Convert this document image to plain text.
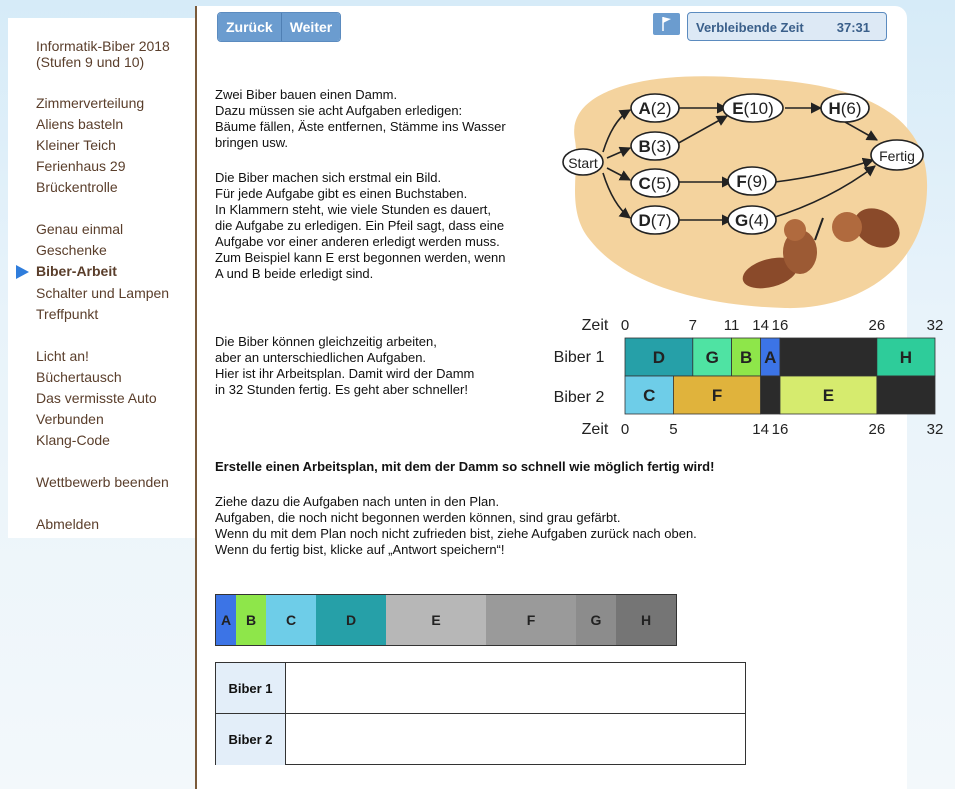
Informatik-Biber 2018
(Stufen 9 und 10)
Zimmerverteilung
Aliens basteln
Kleiner Teich
Ferienhaus 29
Brückentrolle
Genau einmal
Geschenke
Biber-Arbeit
Schalter und Lampen
Treffpunkt
Licht an!
Büchertausch
Das vermisste Auto
Verbunden
Klang-Code
Wettbewerb beenden
Abmelden
Zurück	Weiter	Verbleibende Zeit	37:31
Zwei Biber bauen einen Damm.
Dazu müssen sie acht Aufgaben erledigen:
Bäume fällen, Äste entfernen, Stämme ins Wasser
bringen usw.
Die Biber machen sich erstmal ein Bild.
Für jede Aufgabe gibt es einen Buchstaben.
In Klammern steht, wie viele Stunden es dauert,
die Aufgabe zu erledigen. Ein Pfeil sagt, dass eine
Aufgabe vor einer anderen erledigt werden muss.
Zum Beispiel kann E erst begonnen werden, wenn
A und B beide erledigt sind.
Die Biber können gleichzeitig arbeiten,
aber an unterschiedlichen Aufgaben.
Hier ist ihr Arbeitsplan. Damit wird der Damm
in 32 Stunden fertig. Es geht aber schneller!
Erstelle einen Arbeitsplan, mit dem der Damm so schnell wie möglich fertig wird!
Ziehe dazu die Aufgaben nach unten in den Plan.
Aufgaben, die noch nicht begonnen werden können, sind grau gefärbt.
Wenn du mit dem Plan noch nicht zufrieden bist, ziehe Aufgaben zurück nach oben.
Wenn du fertig bist, klicke auf „Antwort speichern“!
Start
A(2)
B(3)
C(5)
D(7)
E(10)
F(9)
G(4)
H(6)
Fertig
Zeit 0	7 11 14 16	26	32
Zeit 0	5	14 16	26	32
Biber 1
Biber 2
D G B A	H
C	F	E
A	B	C	D	E	F	G	H
Biber 1
Biber 2
